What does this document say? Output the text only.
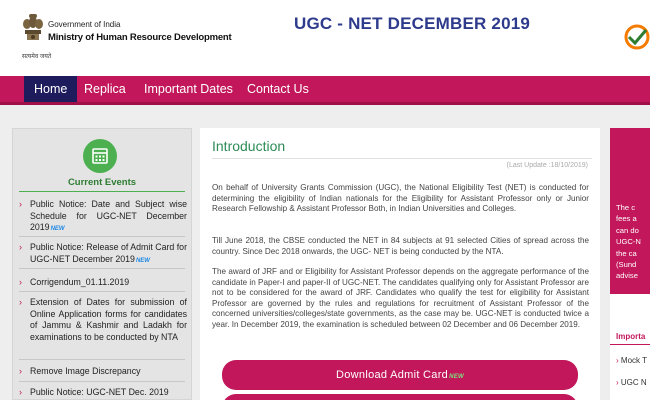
Government of India
Ministry of Human Resource Development
सत्यमेव जयते
UGC - NET DECEMBER 2019
Home	Replica	Important Dates	Contact Us
Current Events
› Public Notice: Date and Subject wise Schedule for UGC-NET December 2019NEW
› Public Notice: Release of Admit Card for UGC-NET December 2019NEW
› Corrigendum_01.11.2019
› Extension of Dates for submission of Online Application forms for candidates of Jammu & Kashmir and Ladakh for examinations to be conducted by NTA
› Remove Image Discrepancy
› Public Notice: UGC-NET Dec. 2019
Introduction
(Last Update :18/10/2019)
On behalf of University Grants Commission (UGC), the National Eligibility Test (NET) is conducted for determining the eligibility of Indian nationals for the Eligibility for Assistant Professor only or Junior Research Fellowship & Assistant Professor Both, in Indian Universities and Colleges.
Till June 2018, the CBSE conducted the NET in 84 subjects at 91 selected Cities of spread across the country. Since Dec 2018 onwards, the UGC- NET is being conducted by the NTA.
The award of JRF and or Eligibility for Assistant Professor depends on the aggregate performance of the candidate in Paper-I and paper-II of UGC-NET. The candidates qualifying only for Assistant Professor are not to be considered for the award of JRF. Candidates who qualify the test for eligibility for Assistant Professor are governed by the rules and regulations for recruitment of Assistant Professor of the concerned universities/colleges/state governments, as the case may be. UGC-NET is conducted twice a year. In December 2019, the examination is scheduled between 02 December and 06 December 2019.
Download Admit CardNEW
The c
fees a
can do
UGC-N
the ca
(Sund
advise
Importa
› Mock T
› UGC N
